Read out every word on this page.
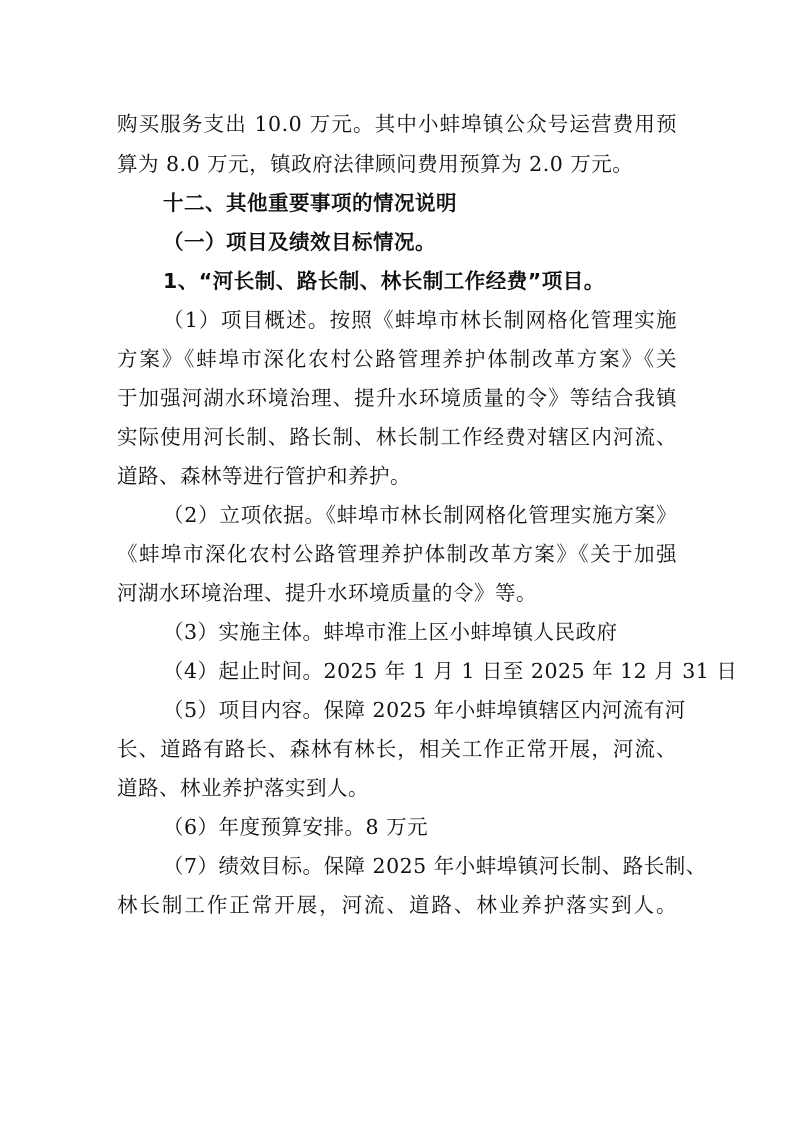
购买服务支出 10.0 万元。其中小蚌埠镇公众号运营费用预
算为 8.0 万元，镇政府法律顾问费用预算为 2.0 万元。
十二、其他重要事项的情况说明
（一）项目及绩效目标情况。
1、“河长制、路长制、林长制工作经费”项目。
（1）项目概述。按照《蚌埠市林长制网格化管理实施
方案》《蚌埠市深化农村公路管理养护体制改革方案》《关
于加强河湖水环境治理、提升水环境质量的令》等结合我镇
实际使用河长制、路长制、林长制工作经费对辖区内河流、
道路、森林等进行管护和养护。
（2）立项依据。《蚌埠市林长制网格化管理实施方案》
《蚌埠市深化农村公路管理养护体制改革方案》《关于加强
河湖水环境治理、提升水环境质量的令》等。
（3）实施主体。蚌埠市淮上区小蚌埠镇人民政府
（4）起止时间。2025 年 1 月 1 日至 2025 年 12 月 31 日
（5）项目内容。保障 2025 年小蚌埠镇辖区内河流有河
长、道路有路长、森林有林长，相关工作正常开展，河流、
道路、林业养护落实到人。
（6）年度预算安排。8 万元
（7）绩效目标。保障 2025 年小蚌埠镇河长制、路长制、
林长制工作正常开展，河流、道路、林业养护落实到人。
